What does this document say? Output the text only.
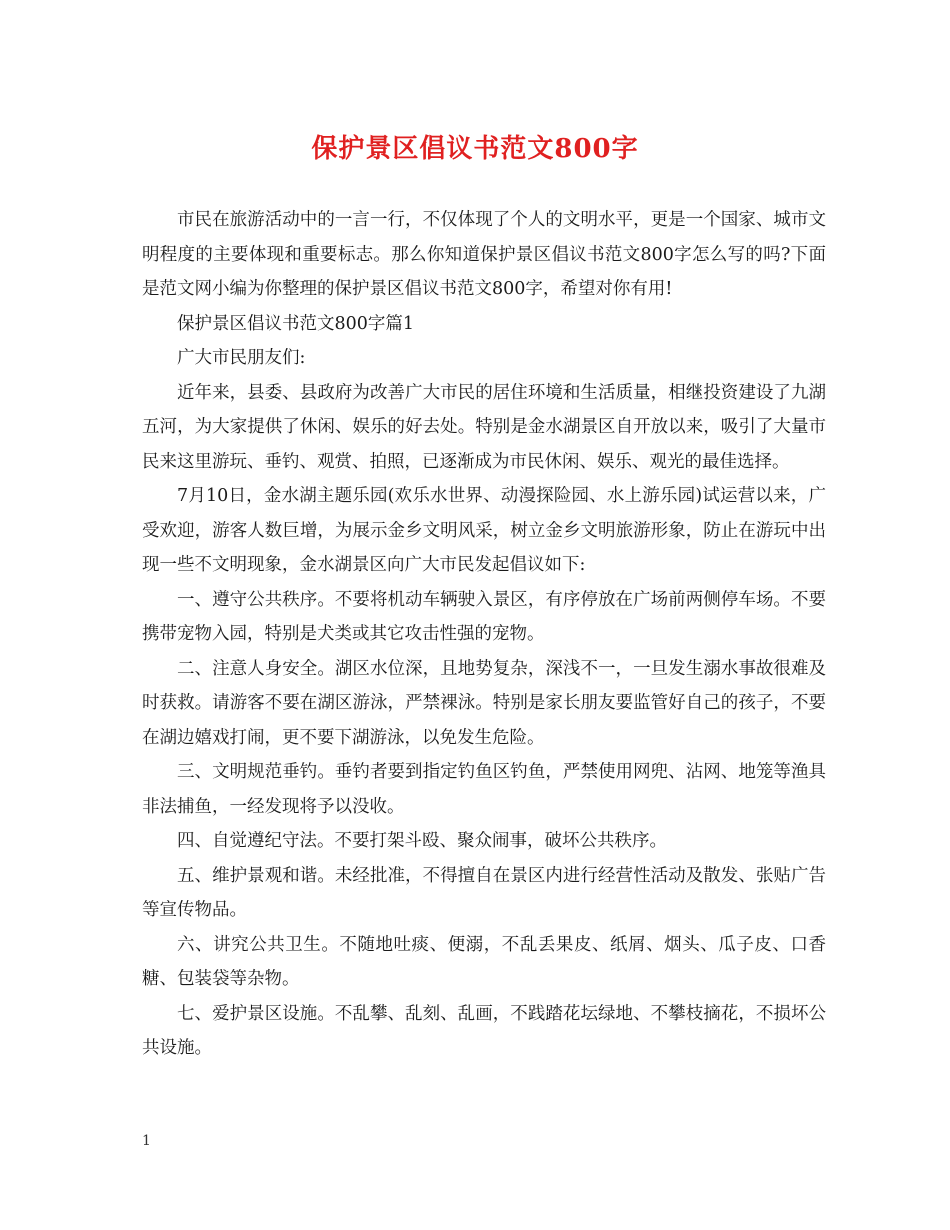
保护景区倡议书范文800字

市民在旅游活动中的一言一行，不仅体现了个人的文明水平，更是一个国家、城市文明程度的主要体现和重要标志。那么你知道保护景区倡议书范文800字怎么写的吗?下面是范文网小编为你整理的保护景区倡议书范文800字，希望对你有用!

保护景区倡议书范文800字篇1

广大市民朋友们:

近年来，县委、县政府为改善广大市民的居住环境和生活质量，相继投资建设了九湖五河，为大家提供了休闲、娱乐的好去处。特别是金水湖景区自开放以来，吸引了大量市民来这里游玩、垂钓、观赏、拍照，已逐渐成为市民休闲、娱乐、观光的最佳选择。

7月10日，金水湖主题乐园(欢乐水世界、动漫探险园、水上游乐园)试运营以来，广受欢迎，游客人数巨增，为展示金乡文明风采，树立金乡文明旅游形象，防止在游玩中出现一些不文明现象，金水湖景区向广大市民发起倡议如下:

一、遵守公共秩序。不要将机动车辆驶入景区，有序停放在广场前两侧停车场。不要携带宠物入园，特别是犬类或其它攻击性强的宠物。

二、注意人身安全。湖区水位深，且地势复杂，深浅不一，一旦发生溺水事故很难及时获救。请游客不要在湖区游泳，严禁裸泳。特别是家长朋友要监管好自己的孩子，不要在湖边嬉戏打闹，更不要下湖游泳，以免发生危险。

三、文明规范垂钓。垂钓者要到指定钓鱼区钓鱼，严禁使用网兜、沾网、地笼等渔具非法捕鱼，一经发现将予以没收。

四、自觉遵纪守法。不要打架斗殴、聚众闹事，破坏公共秩序。

五、维护景观和谐。未经批准，不得擅自在景区内进行经营性活动及散发、张贴广告等宣传物品。

六、讲究公共卫生。不随地吐痰、便溺，不乱丢果皮、纸屑、烟头、瓜子皮、口香糖、包装袋等杂物。

七、爱护景区设施。不乱攀、乱刻、乱画，不践踏花坛绿地、不攀枝摘花，不损坏公共设施。

1
